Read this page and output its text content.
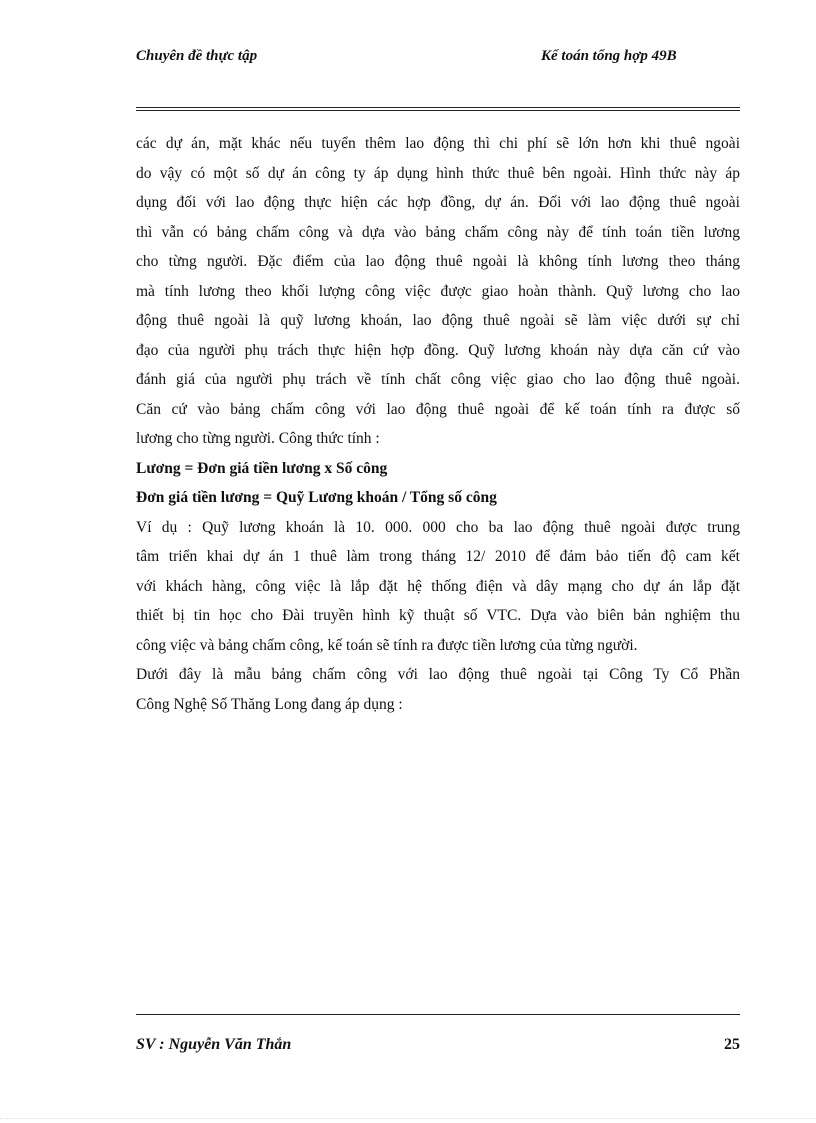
Chuyên đề thực tập	Kế toán tổng hợp 49B

các dự án, mặt khác nếu tuyển thêm lao động thì chi phí sẽ lớn hơn khi thuê ngoài

do vậy có một số dự án công ty áp dụng hình thức thuê bên ngoài. Hình thức này áp

dụng đối với lao động thực hiện các hợp đồng, dự án. Đối với lao động thuê ngoài

thì vẫn có bảng chấm công và dựa vào bảng chấm công này để tính toán tiền lương

cho từng người. Đặc điểm của lao động thuê ngoài là không tính lương theo tháng

mà tính lương theo khối lượng công việc được giao hoàn thành. Quỹ lương cho lao

động thuê ngoài là quỹ lương khoán, lao động thuê ngoài sẽ làm việc dưới sự chỉ

đạo của người phụ trách thực hiện hợp đồng. Quỹ lương khoán này dựa căn cứ vào

đánh giá của người phụ trách về tính chất công việc giao cho lao động thuê ngoài.

Căn cứ vào bảng chấm công với lao động thuê ngoài để kế toán tính ra được số

lương cho từng người. Công thức tính :

Lương = Đơn giá tiền lương x Số công

Đơn giá tiền lương = Quỹ Lương khoán / Tổng số công

Ví dụ : Quỹ lương khoán là 10. 000. 000 cho ba lao động thuê ngoài được trung

tâm triển khai dự án 1 thuê làm trong tháng 12/ 2010 để đảm bảo tiến độ cam kết

với khách hàng, công việc là lắp đặt hệ thống điện và dây mạng cho dự án lắp đặt

thiết bị tin học cho Đài truyền hình kỹ thuật số VTC. Dựa vào biên bản nghiệm thu

công việc và bảng chấm công, kế toán sẽ tính ra được tiền lương của từng người.

Dưới đây là mẫu bảng chấm công với lao động thuê ngoài tại Công Ty Cổ Phần

Công Nghệ Số Thăng Long đang áp dụng :

SV : Nguyễn Văn Thắn	25
